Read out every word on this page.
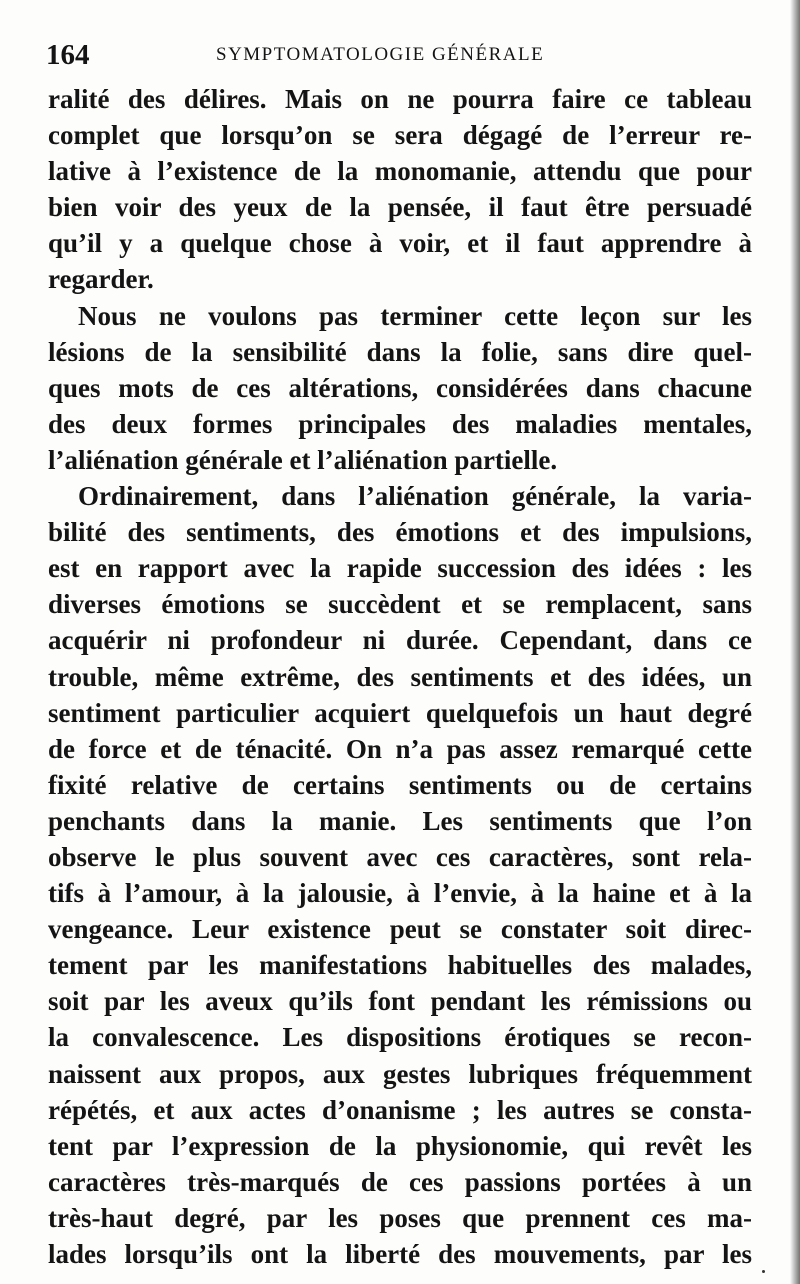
164	SYMPTOMATOLOGIE GÉNÉRALE
ralité des délires. Mais on ne pourra faire ce tableau
complet que lorsqu’on se sera dégagé de l’erreur re-
lative à l’existence de la monomanie, attendu que pour
bien voir des yeux de la pensée, il faut être persuadé
qu’il y a quelque chose à voir, et il faut apprendre à
regarder.
Nous ne voulons pas terminer cette leçon sur les
lésions de la sensibilité dans la folie, sans dire quel-
ques mots de ces altérations, considérées dans chacune
des deux formes principales des maladies mentales,
l’aliénation générale et l’aliénation partielle.
Ordinairement, dans l’aliénation générale, la varia-
bilité des sentiments, des émotions et des impulsions,
est en rapport avec la rapide succession des idées : les
diverses émotions se succèdent et se remplacent, sans
acquérir ni profondeur ni durée. Cependant, dans ce
trouble, même extrême, des sentiments et des idées, un
sentiment particulier acquiert quelquefois un haut degré
de force et de ténacité. On n’a pas assez remarqué cette
fixité relative de certains sentiments ou de certains
penchants dans la manie. Les sentiments que l’on
observe le plus souvent avec ces caractères, sont rela-
tifs à l’amour, à la jalousie, à l’envie, à la haine et à la
vengeance. Leur existence peut se constater soit direc-
tement par les manifestations habituelles des malades,
soit par les aveux qu’ils font pendant les rémissions ou
la convalescence. Les dispositions érotiques se recon-
naissent aux propos, aux gestes lubriques fréquemment
répétés, et aux actes d’onanisme ; les autres se consta-
tent par l’expression de la physionomie, qui revêt les
caractères très-marqués de ces passions portées à un
très-haut degré, par les poses que prennent ces ma-
lades lorsqu’ils ont la liberté des mouvements, par les
